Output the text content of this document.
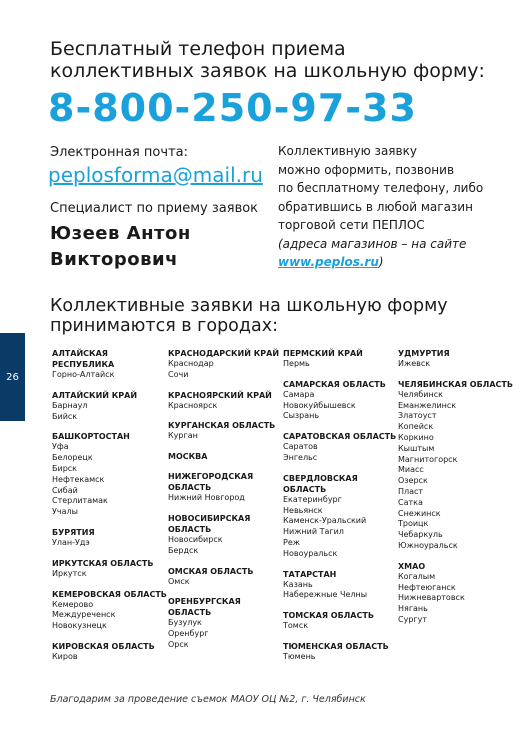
26
Бесплатный телефон приема коллективных заявок на школьную форму:
8-800-250-97-33
Электронная почта:
peplosforma@mail.ru
Специалист по приему заявок
Юзеев Антон
Викторович
Коллективную заявку
можно оформить, позвонив
по бесплатному телефону, либо
обратившись в любой магазин
торговой сети ПЕПЛОС
(адреса магазинов – на сайте
www.peplos.ru)
Коллективные заявки на школьную форму принимаются в городах:
АЛТАЙСКАЯ РЕСПУБЛИКА
Горно-Алтайск
АЛТАЙСКИЙ КРАЙ
Барнаул
Бийск
БАШКОРТОСТАН
Уфа
Белорецк
Бирск
Нефтекамск
Сибай
Стерлитамак
Учалы
БУРЯТИЯ
Улан-Удэ
ИРКУТСКАЯ ОБЛАСТЬ
Иркутск
КЕМЕРОВСКАЯ ОБЛАСТЬ
Кемерово
Междуреченск
Новокузнецк
КИРОВСКАЯ ОБЛАСТЬ
Киров
КРАСНОДАРСКИЙ КРАЙ
Краснодар
Сочи
КРАСНОЯРСКИЙ КРАЙ
Красноярск
КУРГАНСКАЯ ОБЛАСТЬ
Курган
МОСКВА
НИЖЕГОРОДСКАЯ ОБЛАСТЬ
Нижний Новгород
НОВОСИБИРСКАЯ ОБЛАСТЬ
Новосибирск
Бердск
ОМСКАЯ ОБЛАСТЬ
Омск
ОРЕНБУРГСКАЯ ОБЛАСТЬ
Бузулук
Оренбург
Орск
ПЕРМСКИЙ КРАЙ
Пермь
САМАРСКАЯ ОБЛАСТЬ
Самара
Новокуйбышевск
Сызрань
САРАТОВСКАЯ ОБЛАСТЬ
Саратов
Энгельс
СВЕРДЛОВСКАЯ ОБЛАСТЬ
Екатеринбург
Невьянск
Каменск-Уральский
Нижний Тагил
Реж
Новоуральск
ТАТАРСТАН
Казань
Набережные Челны
ТОМСКАЯ ОБЛАСТЬ
Томск
ТЮМЕНСКАЯ ОБЛАСТЬ
Тюмень
УДМУРТИЯ
Ижевск
ЧЕЛЯБИНСКАЯ ОБЛАСТЬ
Челябинск
Еманжелинск
Златоуст
Копейск
Коркино
Кыштым
Магнитогорск
Миасс
Озерск
Пласт
Сатка
Снежинск
Троицк
Чебаркуль
Южноуральск
ХМАО
Когалым
Нефтеюганск
Нижневартовск
Нягань
Сургут
Благодарим за проведение съемок МАОУ ОЦ №2, г. Челябинск
